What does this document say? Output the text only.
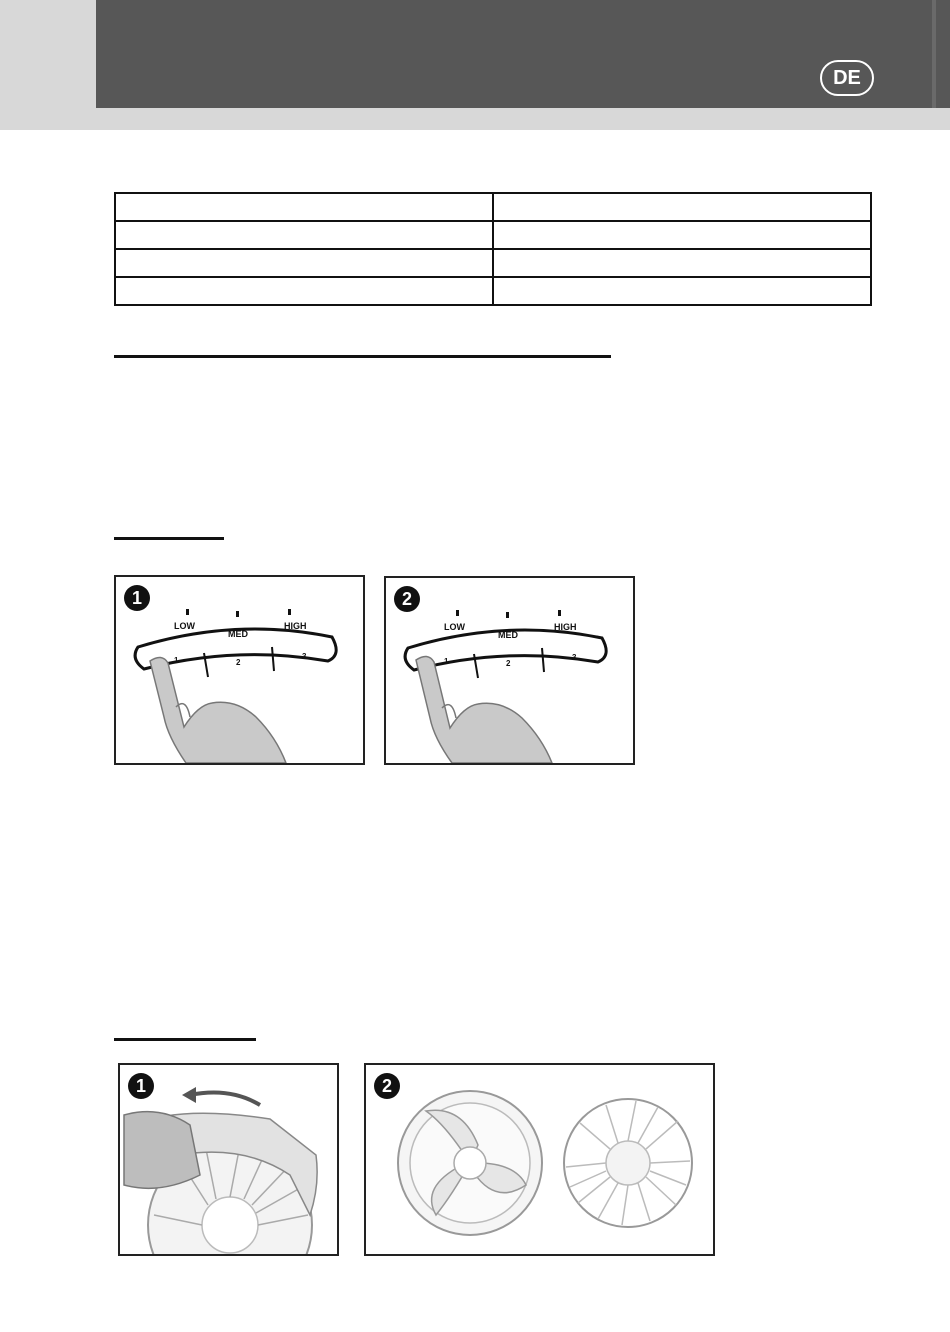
DE

1
LOW
MED
HIGH
1	2
3
2
LOW
MED
HIGH
1	2
3
1	2
